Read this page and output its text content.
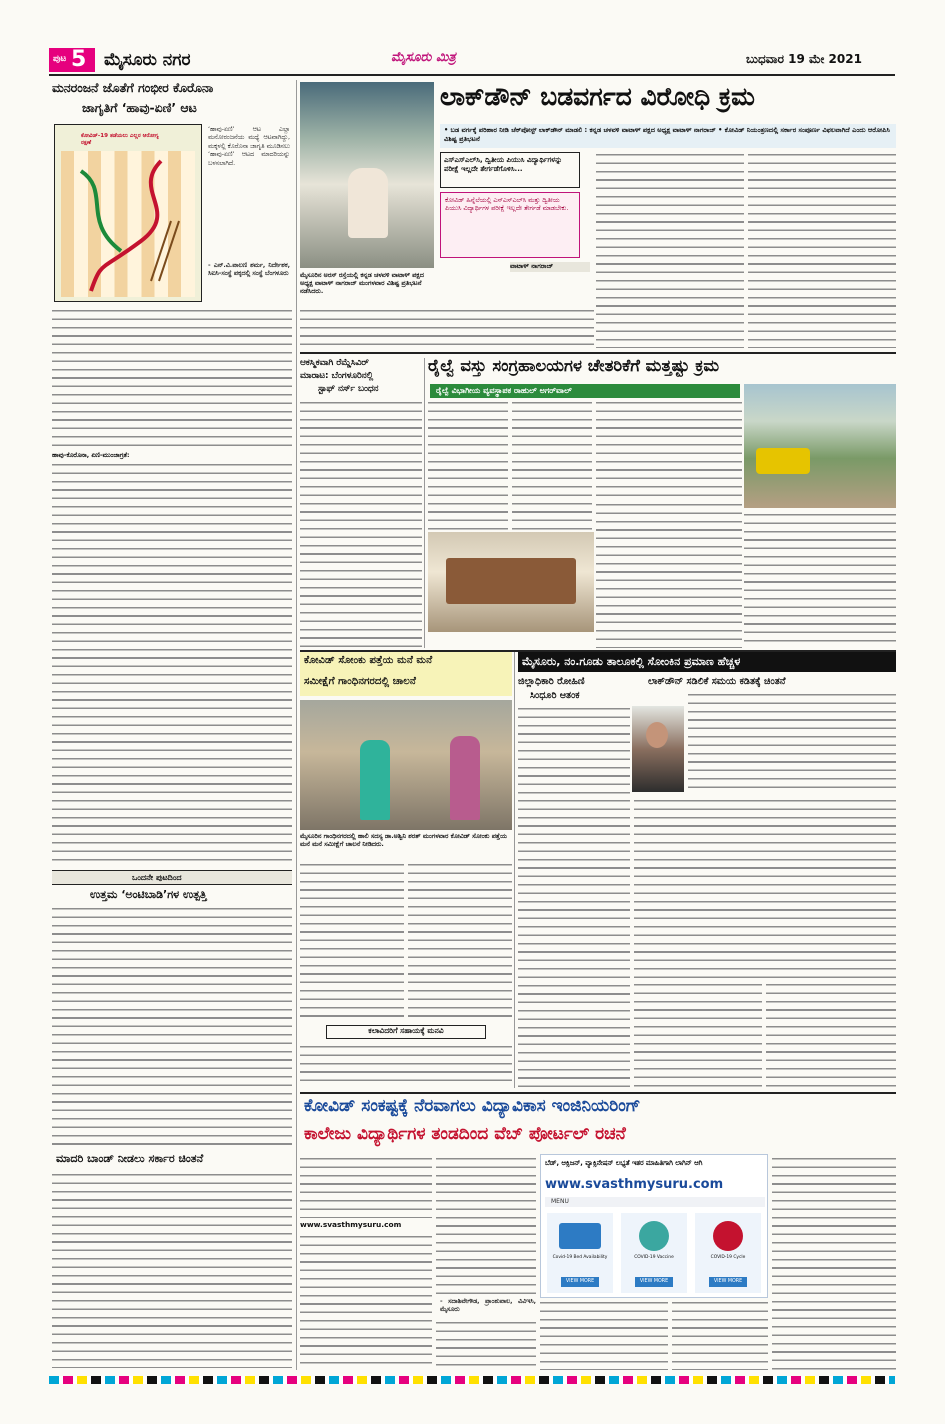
ಪುಟ 5 ಮೈಸೂರು ನಗರ	ಮೈಸೂರು ಮಿತ್ರ	ಬುಧವಾರ 19 ಮೇ 2021
ಮನರಂಜನೆ ಜೊತೆಗೆ ಗಂಭೀರ ಕೊರೊನಾ
ಜಾಗೃತಿಗೆ ‘ಹಾವು-ಏಣಿ’ ಆಟ
ಕೋವಿಡ್-19 ತಡೆಯಲು ಎಲ್ಲರ ಆರೋಗ್ಯ ರಕ್ಷಣೆ
‘ಹಾವು-ಏಣಿ’ ಆಟ ಎಲ್ಲಾ ಮನೋರಂಜನೆಯ ಮಧ್ಯೆ ಆಟವಾಗಿದ್ದು, ಮಕ್ಕಳಲ್ಲಿ ಕೊರೊನಾ ಜಾಗೃತಿ ಮೂಡಿಸಲು ‘ಹಾವು-ಏಣಿ’ ಆಟದ ಮಾದರಿಯನ್ನು ಬಳಸಲಾಗಿದೆ.
- ಎನ್.ವಿ.ಪಾಲಣಿ ಶರ್ಮ, ನಿರ್ದೇಶಕ, ಸಿಐಸಿ-ಸಂಸ್ಥೆ ಪಕ್ಕದಲ್ಲಿ ಸಂಸ್ಥೆ ಬೆಂಗಳೂರು
ಹಾವು-ಕೊರೊನಾ, ಏಣಿ-ಮುಂಜಾಗ್ರತೆ:
ಒಂದನೇ ಪುಟದಿಂದ
ಉತ್ತಮ ‘ಅಂಟಿಬಾಡಿ’ಗಳ ಉತ್ಪತ್ತಿ
ಮಾದರಿ ಬಾಂಡ್ ನೀಡಲು ಸರ್ಕಾರ ಚಿಂತನೆ
ಮೈಸೂರಿನ ಅರಸ್ ರಸ್ತೆಯಲ್ಲಿ ಕನ್ನಡ ಚಳವಳಿ ವಾಟಾಳ್ ಪಕ್ಷದ ಅಧ್ಯಕ್ಷ ವಾಟಾಳ್ ನಾಗರಾಜ್ ಮಂಗಳವಾರ ವಿಶಿಷ್ಟ ಪ್ರತಿಭಟನೆ ನಡೆಸಿದರು.
ಲಾಕ್‌ಡೌನ್ ಬಡವರ್ಗದ ವಿರೋಧಿ ಕ್ರಮ
• ಬಡ ವರ್ಗಕ್ಕೆ ಪರಿಹಾರ ನೀಡಿ ಚೆಕ್‌ಪೋಸ್ಟ್ ಲಾಕ್‌ಡೌನ್ ಮಾಡಲಿ : ಕನ್ನಡ ಚಳವಳಿ ವಾಟಾಳ್ ಪಕ್ಷದ ಅಧ್ಯಕ್ಷ ವಾಟಾಳ್ ನಾಗರಾಜ್ • ಕೋವಿಡ್ ನಿಯಂತ್ರಣದಲ್ಲಿ ಸರ್ಕಾರ ಸಂಪೂರ್ಣ ವಿಫಲವಾಗಿದೆ ಎಂದು ಆರೋಪಿಸಿ ವಿಶಿಷ್ಟ ಪ್ರತಿಭಟನೆ
ಎಸ್‌ಎಸ್‌ಎಲ್‌ಸಿ, ದ್ವಿತೀಯ ಪಿಯುಸಿ ವಿದ್ಯಾರ್ಥಿಗಳನ್ನು ಪರೀಕ್ಷೆ ಇಲ್ಲದೇ ತೇರ್ಗಡೆಗೊಳಿಸಿ...
ಕೋವಿಡ್ ಹಿನ್ನೆಲೆಯಲ್ಲಿ ಎಸ್‌ಎಸ್‌ಎಲ್‌ಸಿ ಮತ್ತು ದ್ವಿತೀಯ ಪಿಯುಸಿ ವಿದ್ಯಾರ್ಥಿಗಳ ಪರೀಕ್ಷೆ ಇಲ್ಲದೇ ತೇರ್ಗಡೆ ಮಾಡಬೇಕು.
ವಾಟಾಳ್ ನಾಗರಾಜ್
ಆಕಸ್ಮಿಕವಾಗಿ ರೆಮ್ಡೆಸಿವಿರ್
ಮಾರಾಟ: ಬೆಂಗಳೂರಿನಲ್ಲಿ
ಸ್ಟಾಫ್ ನರ್ಸ್ ಬಂಧನ
ರೈಲ್ವೆ ವಸ್ತು ಸಂಗ್ರಹಾಲಯಗಳ ಚೇತರಿಕೆಗೆ ಮತ್ತಷ್ಟು ಕ್ರಮ
ರೈಲ್ವೆ ವಿಭಾಗೀಯ ವ್ಯವಸ್ಥಾಪಕ ರಾಹುಲ್ ಅಗರ್‌ವಾಲ್
ಕೋವಿಡ್ ಸೋಂಕು ಪತ್ತೆಯ ಮನೆ ಮನೆ
ಸಮೀಕ್ಷೆಗೆ ಗಾಂಧಿನಗರದಲ್ಲಿ ಚಾಲನೆ
ಮೈಸೂರಿನ ಗಾಂಧಿನಗರದಲ್ಲಿ ಹಾಲಿ ಸದಸ್ಯ ಡಾ.ಅಶ್ವಿನಿ ಶರತ್ ಮಂಗಳವಾರ ಕೋವಿಡ್ ಸೋಂಕು ಪತ್ತೆಯ ಮನೆ ಮನೆ ಸಮೀಕ್ಷೆಗೆ ಚಾಲನೆ ನೀಡಿದರು.
ಕಲಾವಿದರಿಗೆ ಸಹಾಯಕ್ಕೆ ಮನವಿ
ಮೈಸೂರು, ನಂ.ಗೂಡು ತಾಲೂಕಲ್ಲಿ ಸೋಂಕಿನ ಪ್ರಮಾಣ ಹೆಚ್ಚಳ
ಜಿಲ್ಲಾಧಿಕಾರಿ ರೋಹಿಣಿ
ಸಿಂಧೂರಿ ಆತಂಕ
ಲಾಕ್‌ಡೌನ್ ಸಡಿಲಿಕೆ ಸಮಯ ಕಡಿತಕ್ಕೆ ಚಿಂತನೆ
ಕೋವಿಡ್ ಸಂಕಷ್ಟಕ್ಕೆ ನೆರವಾಗಲು ವಿದ್ಯಾವಿಕಾಸ ಇಂಜಿನಿಯರಿಂಗ್
ಕಾಲೇಜು ವಿದ್ಯಾರ್ಥಿಗಳ ತಂಡದಿಂದ ವೆಬ್ ಪೋರ್ಟಲ್ ರಚನೆ
www.svasthmysuru.com
- ಸದಾಶಿವೇಗೌಡ, ಪ್ರಾಂಶುಪಾಲ, ವಿವಿಇಸಿ, ಮೈಸೂರು
ಬೆಡ್, ಆಕ್ಸಿಜನ್, ವ್ಯಾಕ್ಸಿನೇಷನ್ ಲಭ್ಯತೆ ಇತರ ಮಾಹಿತಿಗಾಗಿ ಲಾಗಿನ್ ಆಗಿ
www.svasthmysuru.com
MENU
Covid-19 Bed Availability
VIEW MORE
COVID-19 Vaccine
VIEW MORE
COVID-19 Cycle
VIEW MORE
